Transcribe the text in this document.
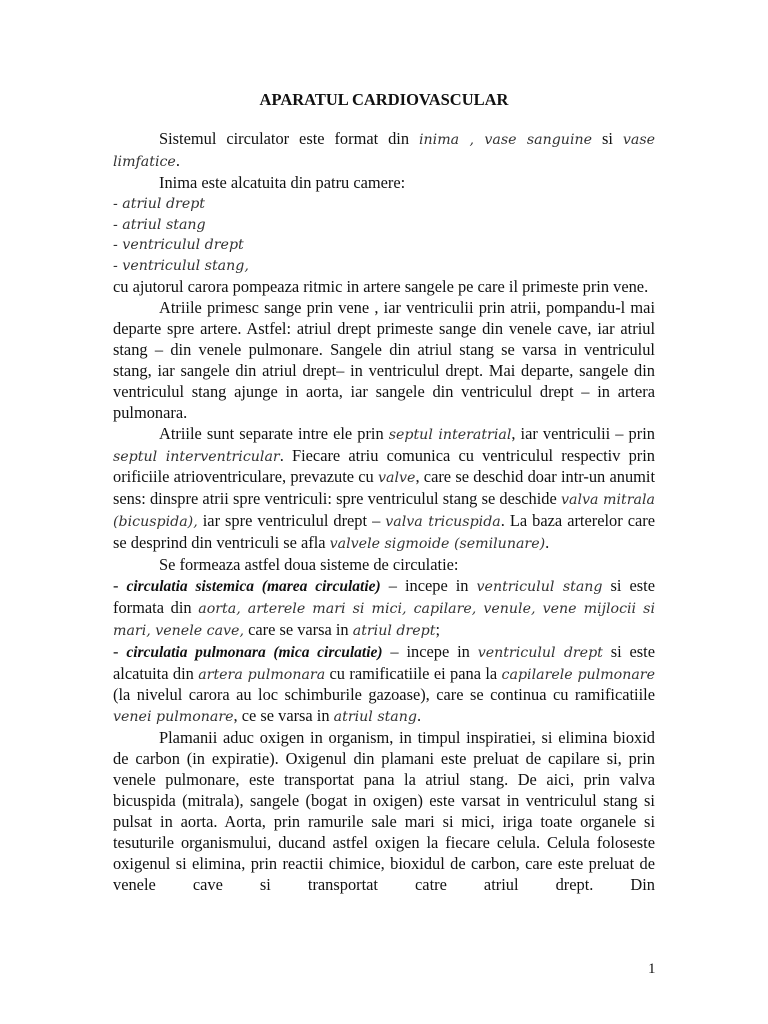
APARATUL CARDIOVASCULAR

Sistemul circulator este format din inima , vase sanguine si vase limfatice.

Inima este alcatuita din patru camere:

- atriul drept

- atriul stang

- ventriculul drept

- ventriculul stang,

cu ajutorul carora pompeaza ritmic in artere sangele pe care il primeste prin vene.

Atriile primesc sange prin vene , iar ventriculii prin atrii, pompandu-l mai departe spre artere. Astfel: atriul drept primeste sange din venele cave, iar atriul stang – din venele pulmonare. Sangele din atriul stang se varsa in ventriculul stang, iar sangele din atriul drept– in ventriculul drept. Mai departe, sangele din ventriculul stang ajunge in aorta, iar sangele din ventriculul drept – in artera pulmonara.

Atriile sunt separate intre ele prin septul interatrial, iar ventriculii – prin septul interventricular. Fiecare atriu comunica cu ventriculul respectiv prin orificiile atrioventriculare, prevazute cu valve, care se deschid doar intr-un anumit sens: dinspre atrii spre ventriculi: spre ventriculul stang se deschide valva mitrala (bicuspida), iar spre ventriculul drept – valva tricuspida. La baza arterelor care se desprind din ventriculi se afla valvele sigmoide (semilunare).

Se formeaza astfel doua sisteme de circulatie:

- circulatia sistemica (marea circulatie) – incepe in ventriculul stang si este formata din aorta, arterele mari si mici, capilare, venule, vene mijlocii si mari, venele cave, care se varsa in atriul drept;

- circulatia pulmonara (mica circulatie) – incepe in ventriculul drept si este alcatuita din artera pulmonara cu ramificatiile ei pana la capilarele pulmonare (la nivelul carora au loc schimburile gazoase), care se continua cu ramificatiile venei pulmonare, ce se varsa in atriul stang.

Plamanii aduc oxigen in organism, in timpul inspiratiei, si elimina bioxid de carbon (in expiratie). Oxigenul din plamani este preluat de capilare si, prin venele pulmonare, este transportat pana la atriul stang. De aici, prin valva bicuspida (mitrala), sangele (bogat in oxigen) este varsat in ventriculul stang si pulsat in aorta. Aorta, prin ramurile sale mari si mici, iriga toate organele si tesuturile organismului, ducand astfel oxigen la fiecare celula. Celula foloseste oxigenul si elimina, prin reactii chimice, bioxidul de carbon, care este preluat de venele cave si transportat catre atriul drept. Din

1
